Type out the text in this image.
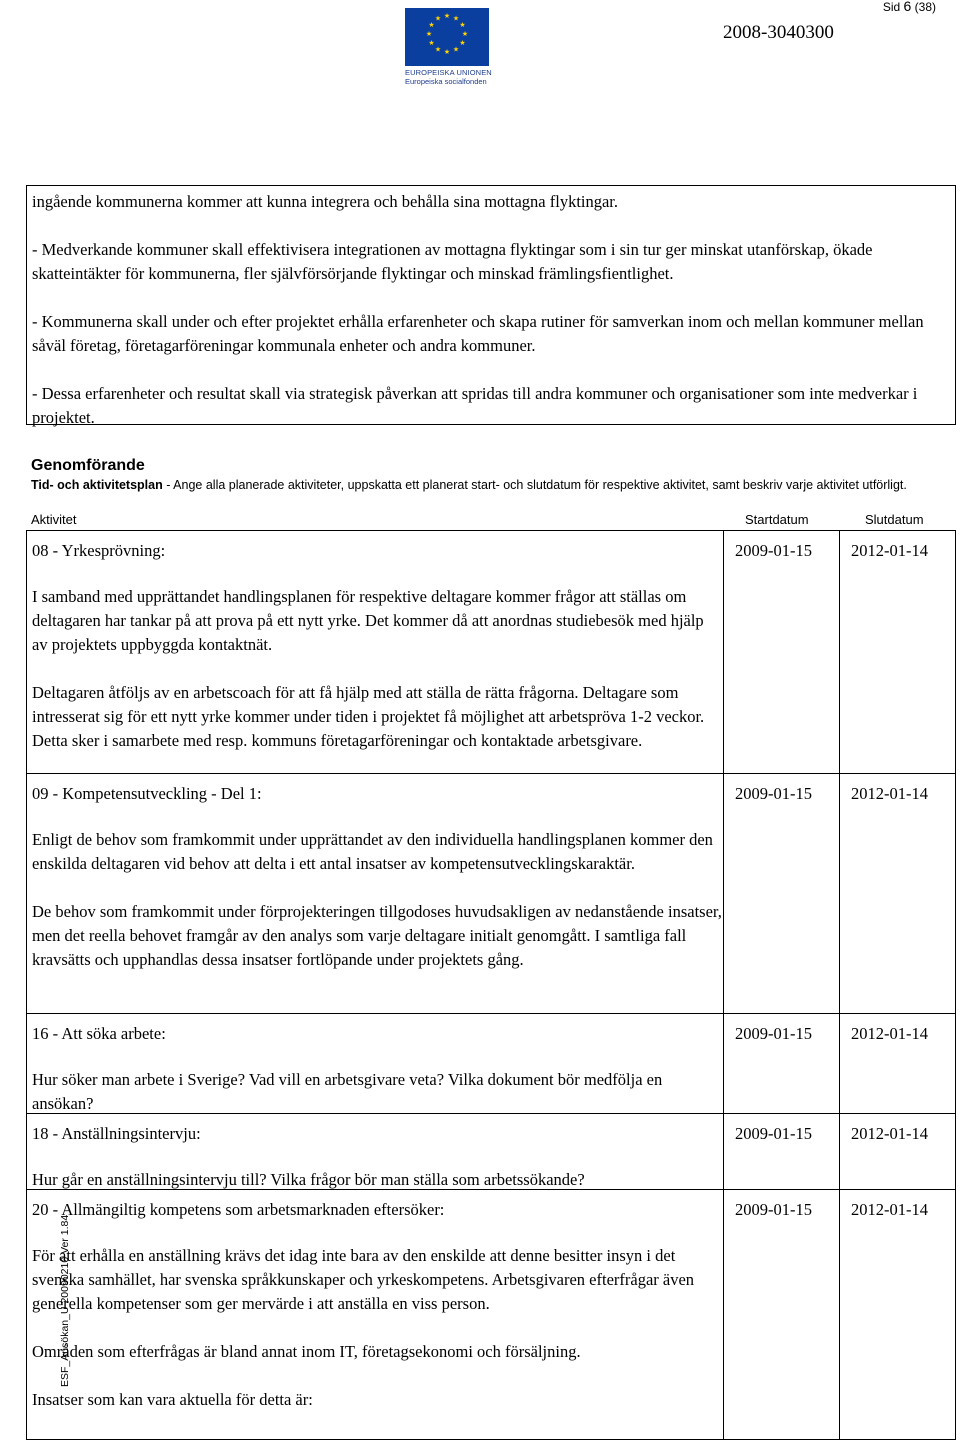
Sid 6 (38)
★ ★
★
★
★
★
★
★
★
★
★
★
EUROPEISKA UNIONEN
Europeiska socialfonden
2008-3040300

ingående kommunerna kommer att kunna integrera och behålla sina mottagna flyktingar.

- Medverkande kommuner skall effektivisera integrationen av mottagna flyktingar som i sin tur ger minskat utanförskap, ökade skatteintäkter för kommunerna, fler självförsörjande flyktingar och minskad främlingsfientlighet.

- Kommunerna skall under och efter projektet erhålla erfarenheter och skapa rutiner för samverkan inom och mellan kommuner mellan såväl företag, företagarföreningar kommunala enheter och andra kommuner.

- Dessa erfarenheter och resultat skall via strategisk påverkan att spridas till andra kommuner och organisationer som inte medverkar i projektet.

Genomförande
Tid- och aktivitetsplan - Ange alla planerade aktiviteter, uppskatta ett planerat start- och slutdatum för respektive aktivitet, samt beskriv varje aktivitet utförligt.
Aktivitet	Startdatum	Slutdatum
08 - Yrkesprövning:	2009-01-15 2012-01-14

I samband med upprättandet handlingsplanen för respektive deltagare kommer frågor att ställas om deltagaren har tankar på att prova på ett nytt yrke. Det kommer då att anordnas studiebesök med hjälp av projektets uppbyggda kontaktnät.

Deltagaren åtföljs av en arbetscoach för att få hjälp med att ställa de rätta frågorna. Deltagare som intresserat sig för ett nytt yrke kommer under tiden i projektet få möjlighet att arbetspröva 1-2 veckor. Detta sker i samarbete med resp. kommuns företagarföreningar och kontaktade arbetsgivare.

09 - Kompetensutveckling - Del 1:	2009-01-15 2012-01-14

Enligt de behov som framkommit under upprättandet av den individuella handlingsplanen kommer den enskilda deltagaren vid behov att delta i ett antal insatser av kompetensutvecklingskaraktär.

De behov som framkommit under förprojekteringen tillgodoses huvudsakligen av nedanstående insatser, men det reella behovet framgår av den analys som varje deltagare initialt genomgått. I samtliga fall kravsätts och upphandlas dessa insatser fortlöpande under projektets gång.

16 - Att söka arbete:	2009-01-15 2012-01-14

Hur söker man arbete i Sverige? Vad vill en arbetsgivare veta? Vilka dokument bör medfölja en ansökan?

18 - Anställningsintervju:	2009-01-15 2012-01-14

Hur går en anställningsintervju till? Vilka frågor bör man ställa som arbetssökande?

20 - Allmängiltig kompetens som arbetsmarknaden eftersöker:	2009-01-15 2012-01-14

För att erhålla en anställning krävs det idag inte bara av den enskilde att denne besitter insyn i det svenska samhället, har svenska språkkunskaper och yrkeskompetens. Arbetsgivaren efterfrågar även generella kompetenser som ger mervärde i att anställa en viss person.

Områden som efterfrågas är bland annat inom IT, företagsekonomi och försäljning.

Insatser som kan vara aktuella för detta är:

ESF_Ansökan_U 20090210 Ver 1.84
